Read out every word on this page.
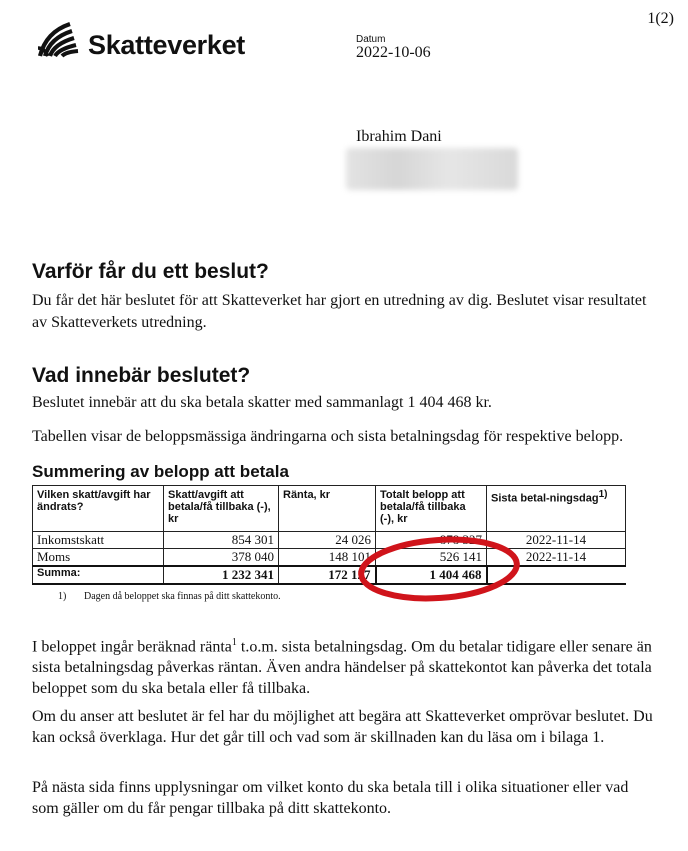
Skatteverket
1(2)
Datum
2022-10-06
Ibrahim Dani
Varför får du ett beslut?
Du får det här beslutet för att Skatteverket har gjort en utredning av dig. Beslutet visar resultatet av Skatteverkets utredning.
Vad innebär beslutet?
Beslutet innebär att du ska betala skatter med sammanlagt 1 404 468 kr.
Tabellen visar de beloppsmässiga ändringarna och sista betalningsdag för respektive belopp.
Summering av belopp att betala
Vilken skatt/avgift har ändrats?	Skatt/avgift att betala/få tillbaka (-), kr	Ränta, kr	Totalt belopp att betala/få tillbaka (-), kr	Sista betal-ningsdag$^{1)}$
Inkomstskatt	854 301	24 026	878 327	2022-11-14
Moms	378 040	148 101	526 141	2022-11-14
Summa:	1 232 341	172 127	1 404 468	
1) Dagen då beloppet ska finnas på ditt skattekonto.
I beloppet ingår beräknad ränta$^1$ t.o.m. sista betalningsdag. Om du betalar tidigare eller senare än sista betalningsdag påverkas räntan. Även andra händelser på skattekontot kan påverka det totala beloppet som du ska betala eller få tillbaka.
Om du anser att beslutet är fel har du möjlighet att begära att Skatteverket omprövar beslutet. Du kan också överklaga. Hur det går till och vad som är skillnaden kan du läsa om i bilaga 1.
På nästa sida finns upplysningar om vilket konto du ska betala till i olika situationer eller vad som gäller om du får pengar tillbaka på ditt skattekonto.
